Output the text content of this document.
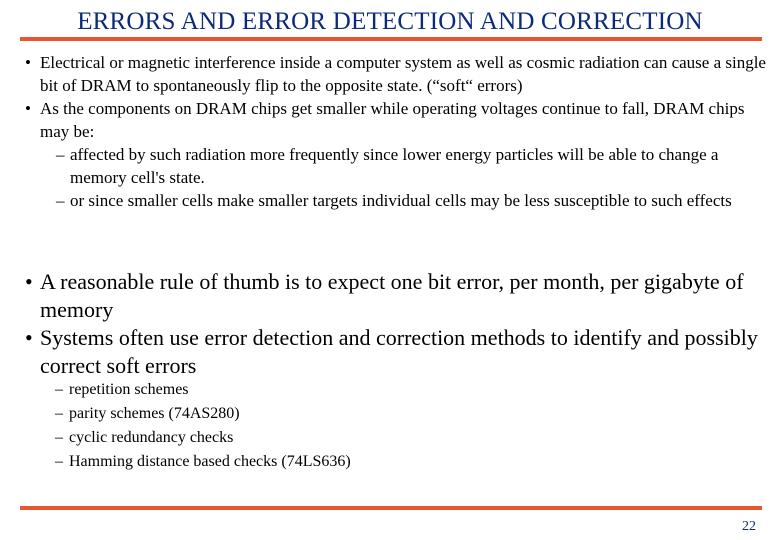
ERRORS AND ERROR DETECTION AND CORRECTION
• Electrical or magnetic interference inside a computer system as well as cosmic radiation can cause a single bit of DRAM to spontaneously flip to the opposite state. (“soft“ errors)
• As the components on DRAM chips get smaller while operating voltages continue to fall, DRAM chips may be:
– affected by such radiation more frequently since lower energy particles will be able to change a memory cell's state.
– or since smaller cells make smaller targets individual cells may be less susceptible to such effects
• A reasonable rule of thumb is to expect one bit error, per month, per gigabyte of memory
• Systems often use error detection and correction methods to identify and possibly correct soft errors
– repetition schemes
– parity schemes (74AS280)
– cyclic redundancy checks
– Hamming distance based checks (74LS636)
22
